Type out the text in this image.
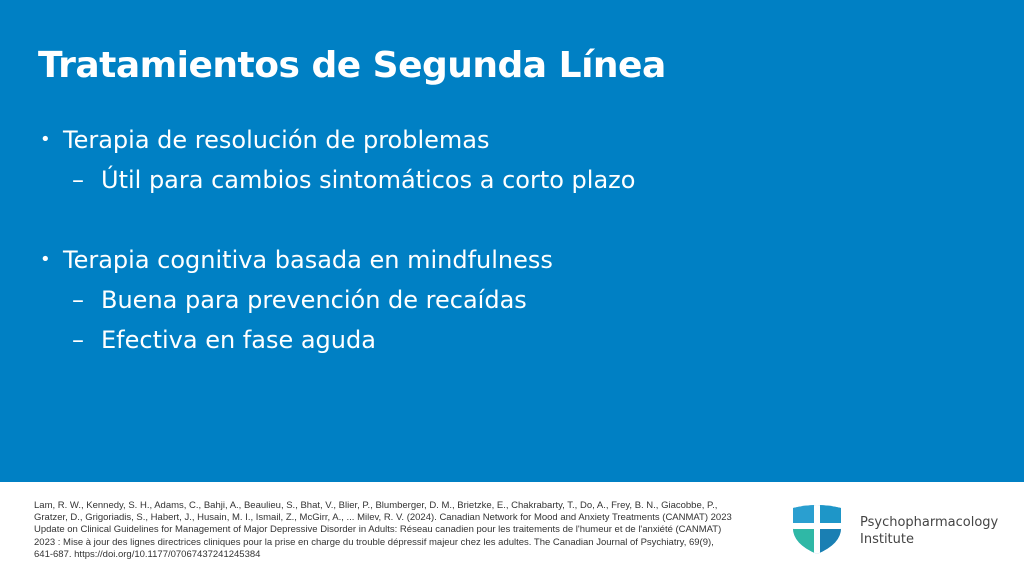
Tratamientos de Segunda Línea
• Terapia de resolución de problemas
– Útil para cambios sintomáticos a corto plazo
• Terapia cognitiva basada en mindfulness
– Buena para prevención de recaídas
– Efectiva en fase aguda

Lam, R. W., Kennedy, S. H., Adams, C., Bahji, A., Beaulieu, S., Bhat, V., Blier, P., Blumberger, D. M., Brietzke, E., Chakrabarty, T., Do, A., Frey, B. N., Giacobbe, P., Gratzer, D., Grigoriadis, S., Habert, J., Husain, M. I., Ismail, Z., McGirr, A., ... Milev, R. V. (2024). Canadian Network for Mood and Anxiety Treatments (CANMAT) 2023 Update on Clinical Guidelines for Management of Major Depressive Disorder in Adults: Réseau canadien pour les traitements de l'humeur et de l'anxiété (CANMAT) 2023 : Mise à jour des lignes directrices cliniques pour la prise en charge du trouble dépressif majeur chez les adultes. The Canadian Journal of Psychiatry, 69(9), 641-687. https://doi.org/10.1177/07067437241245384

Psychopharmacology
Institute
